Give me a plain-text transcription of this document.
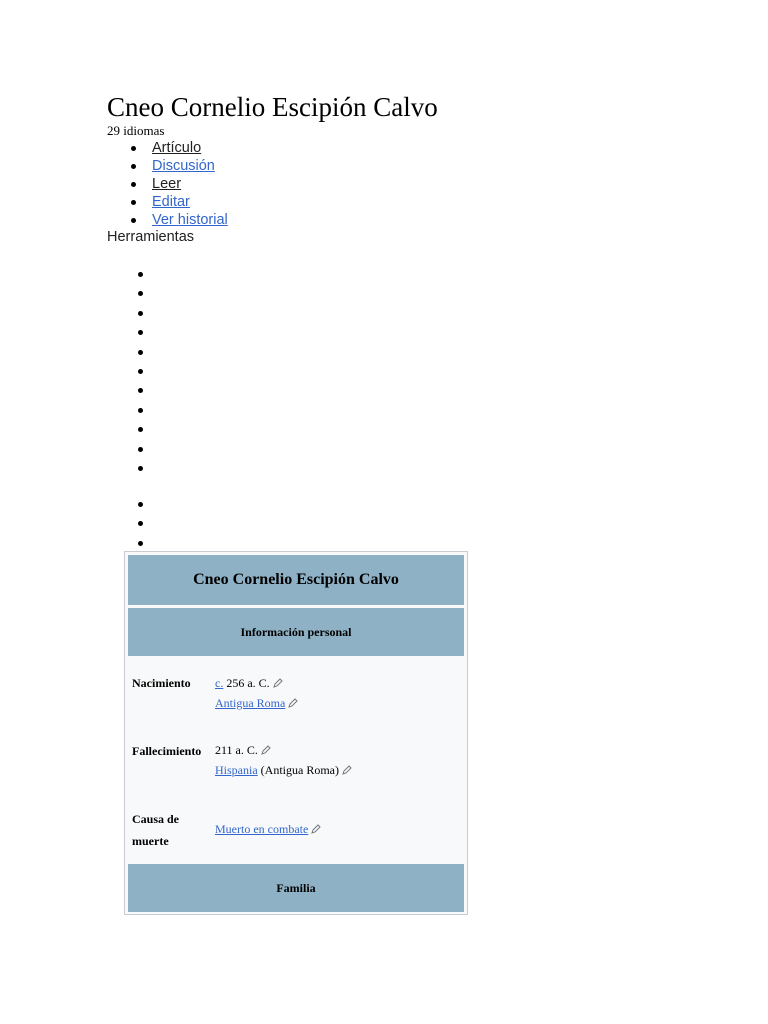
Cneo Cornelio Escipión Calvo
29 idiomas
Artículo
Discusión
Leer
Editar
Ver historial
Herramientas
Cneo Cornelio Escipión Calvo
Información personal
Nacimiento	c. 256 a. C.
Antigua Roma
Fallecimiento	211 a. C.
Hispania (Antigua Roma)
Causa de muerte
Muerto en combate
Familia
